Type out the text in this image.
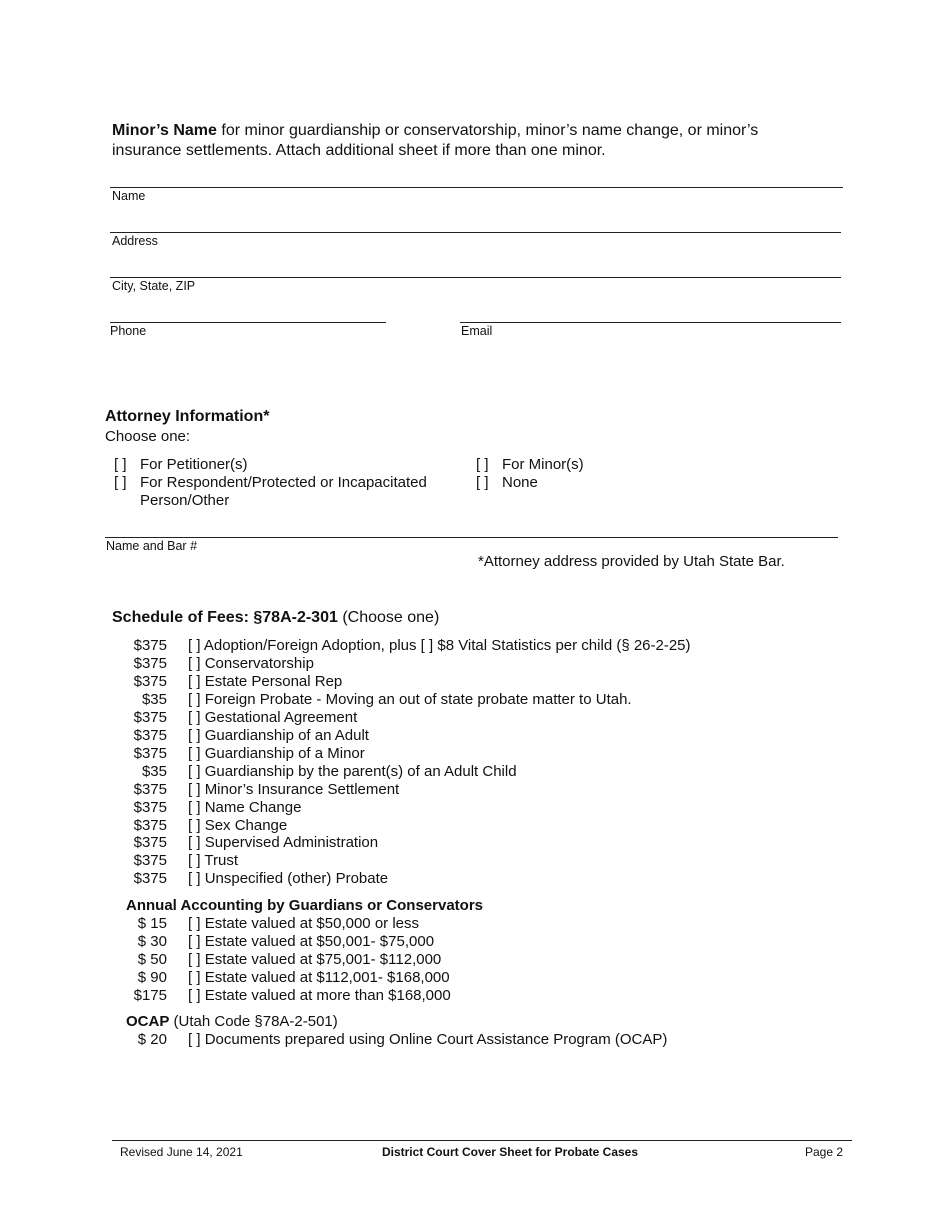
Minor’s Name for minor guardianship or conservatorship, minor’s name change, or minor’s insurance settlements. Attach additional sheet if more than one minor.
Name
Address
City, State, ZIP
Phone	Email
Attorney Information*
Choose one:
[ ] For Petitioner(s)
[ ] For Respondent/Protected or Incapacitated Person/Other
[ ] For Minor(s)
[ ] None
Name and Bar #
*Attorney address provided by Utah State Bar.
Schedule of Fees: §78A-2-301 (Choose one)
$375 [ ] Adoption/Foreign Adoption, plus [ ] $8 Vital Statistics per child (§ 26-2-25)
$375 [ ] Conservatorship
$375 [ ] Estate Personal Rep
$35 [ ] Foreign Probate - Moving an out of state probate matter to Utah.
$375 [ ] Gestational Agreement
$375 [ ] Guardianship of an Adult
$375 [ ] Guardianship of a Minor
$35 [ ] Guardianship by the parent(s) of an Adult Child
$375 [ ] Minor’s Insurance Settlement
$375 [ ] Name Change
$375 [ ] Sex Change
$375 [ ] Supervised Administration
$375 [ ] Trust
$375 [ ] Unspecified (other) Probate
Annual Accounting by Guardians or Conservators
$ 15 [ ] Estate valued at $50,000 or less
$ 30 [ ] Estate valued at $50,001- $75,000
$ 50 [ ] Estate valued at $75,001- $112,000
$ 90 [ ] Estate valued at $112,001- $168,000
$175 [ ] Estate valued at more than $168,000
OCAP (Utah Code §78A-2-501)
$ 20 [ ] Documents prepared using Online Court Assistance Program (OCAP)
Revised June 14, 2021	District Court Cover Sheet for Probate Cases	Page 2
